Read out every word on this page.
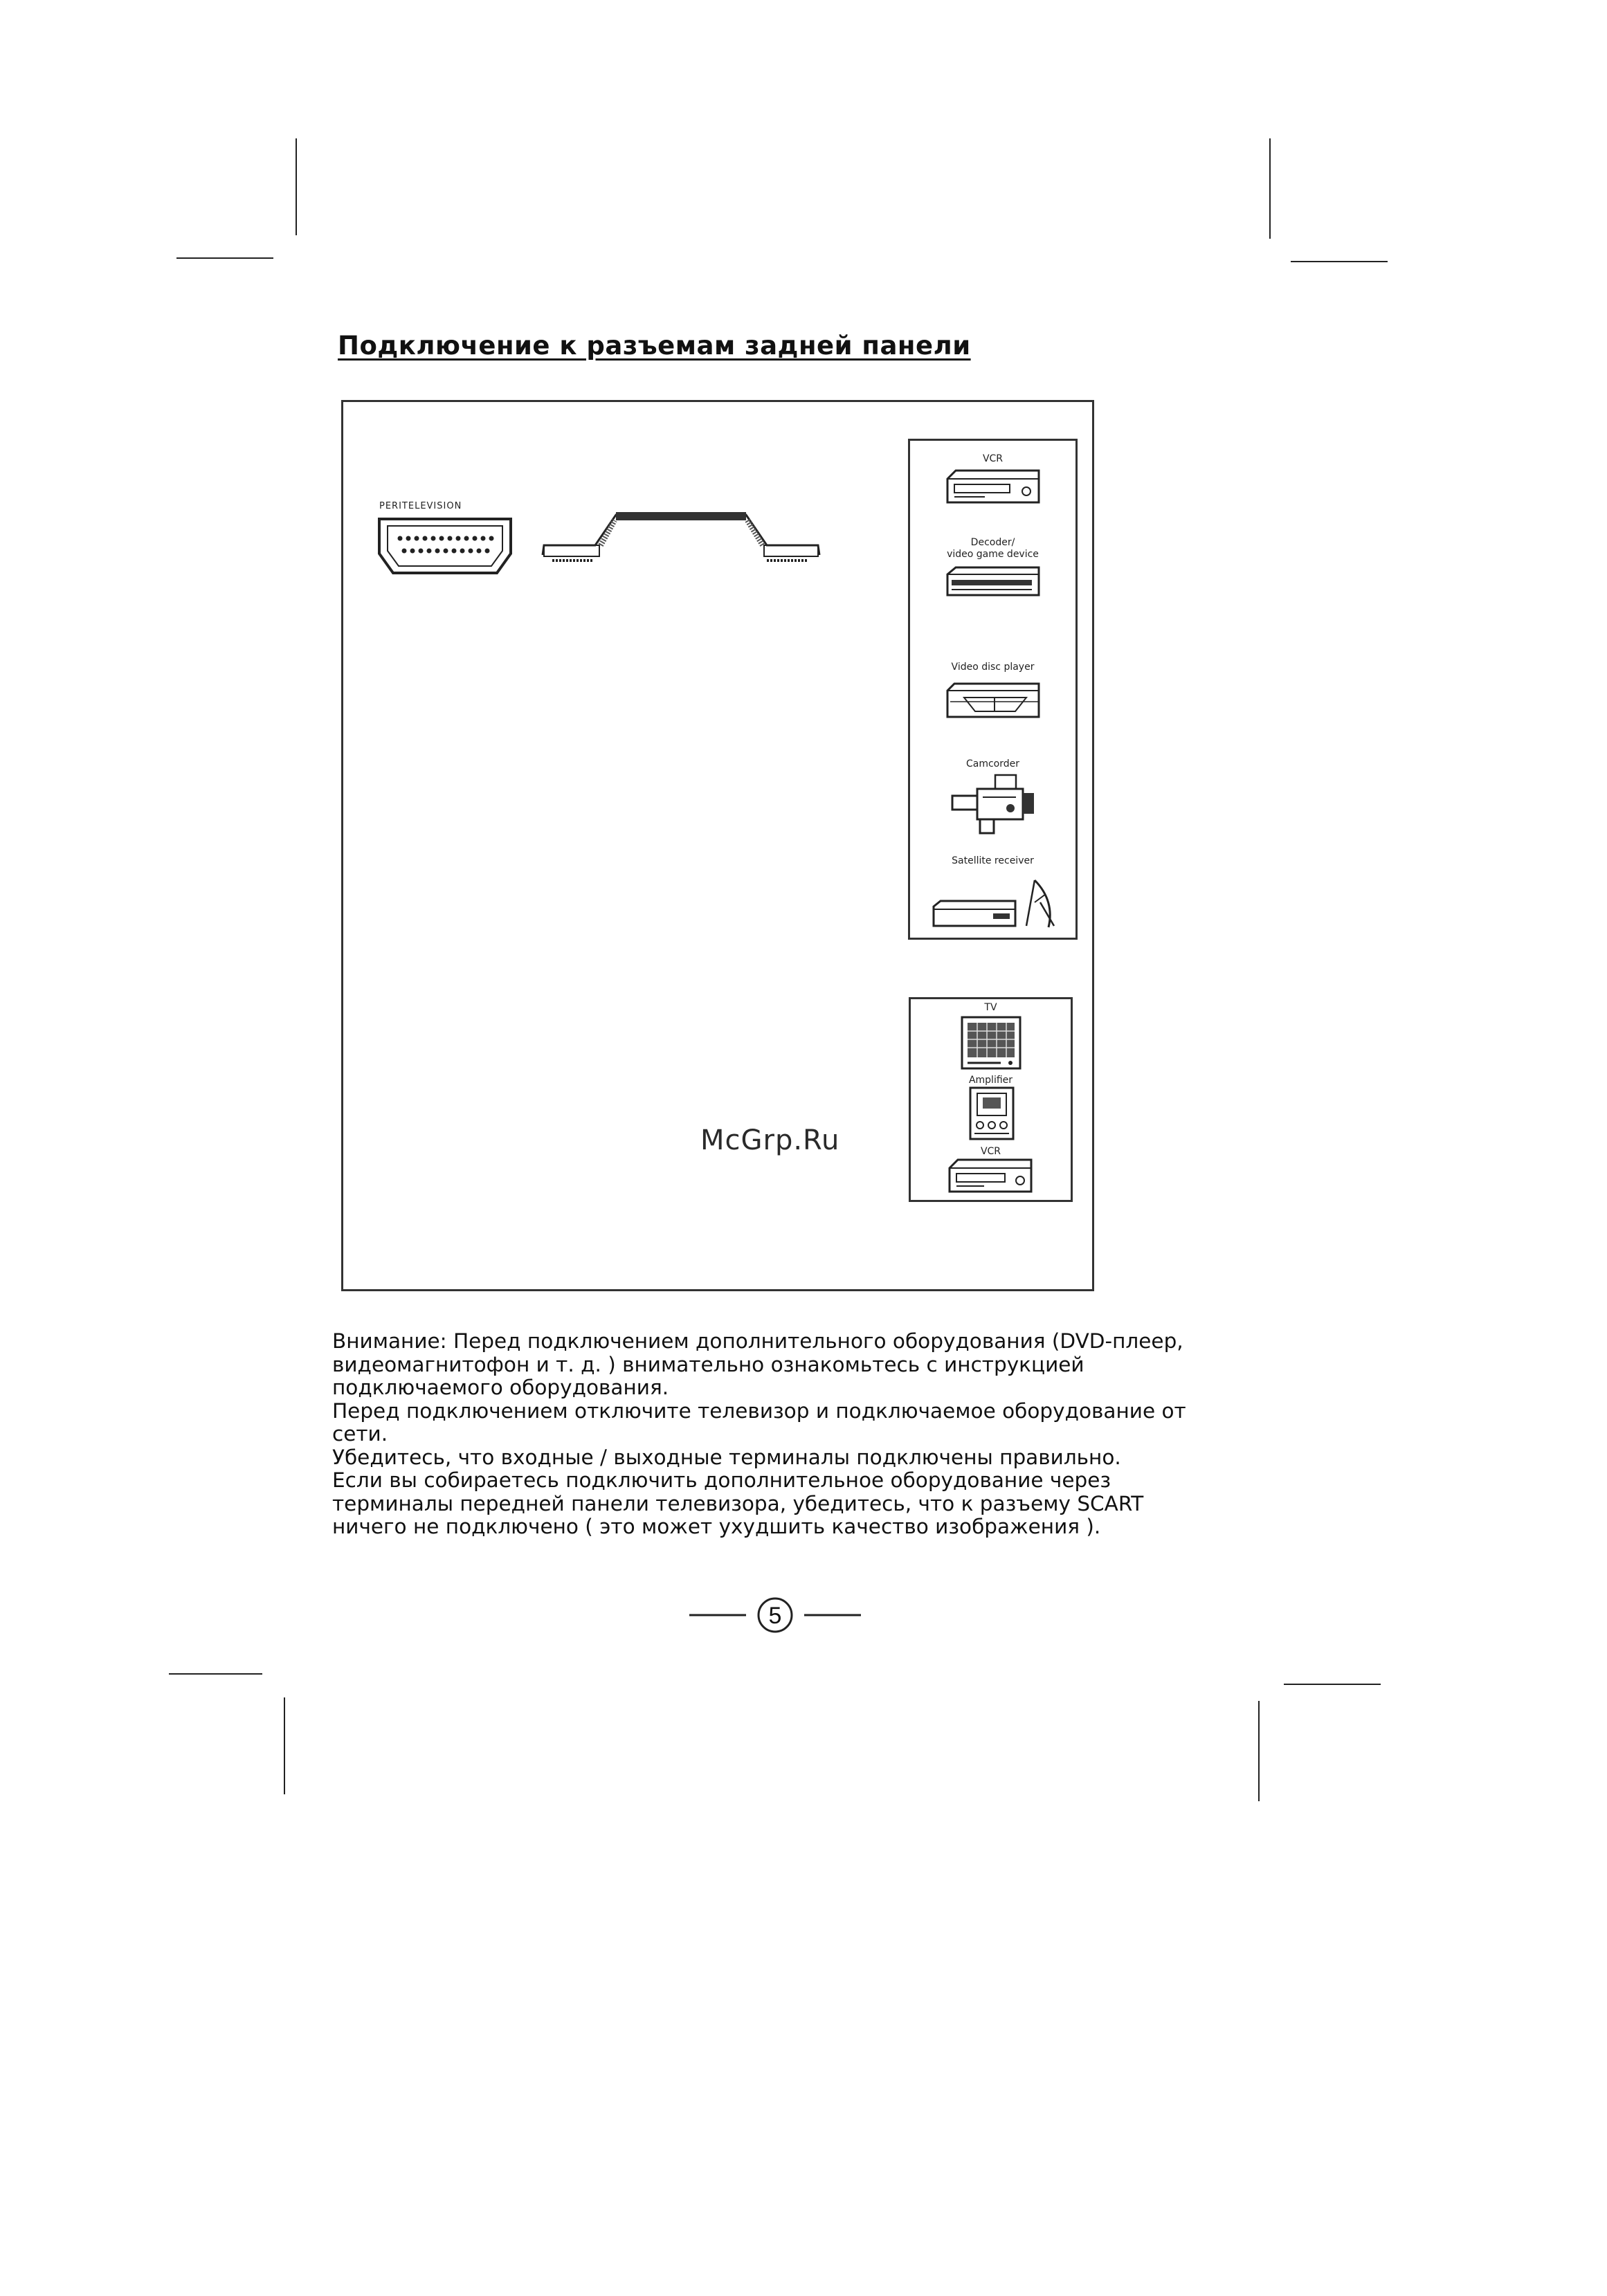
Подключение к разъемам задней панели
PERITELEVISION
VCR
Decoder/
video game device
Video disc player
Camcorder
Satellite receiver
TV
Amplifier
VCR
McGrp.Ru

Внимание: Перед подключением дополнительного оборудования (DVD-плеер,

видеомагнитофон и т. д. ) внимательно ознакомьтесь с инструкцией

подключаемого оборудования.

Перед подключением отключите телевизор и подключаемое оборудование от

сети.

Убедитесь, что входные / выходные терминалы подключены правильно.

Если вы собираетесь подключить дополнительное оборудование через

терминалы передней панели телевизора, убедитесь, что к разъему SCART

ничего не подключено ( это может ухудшить качество изображения ).

5
